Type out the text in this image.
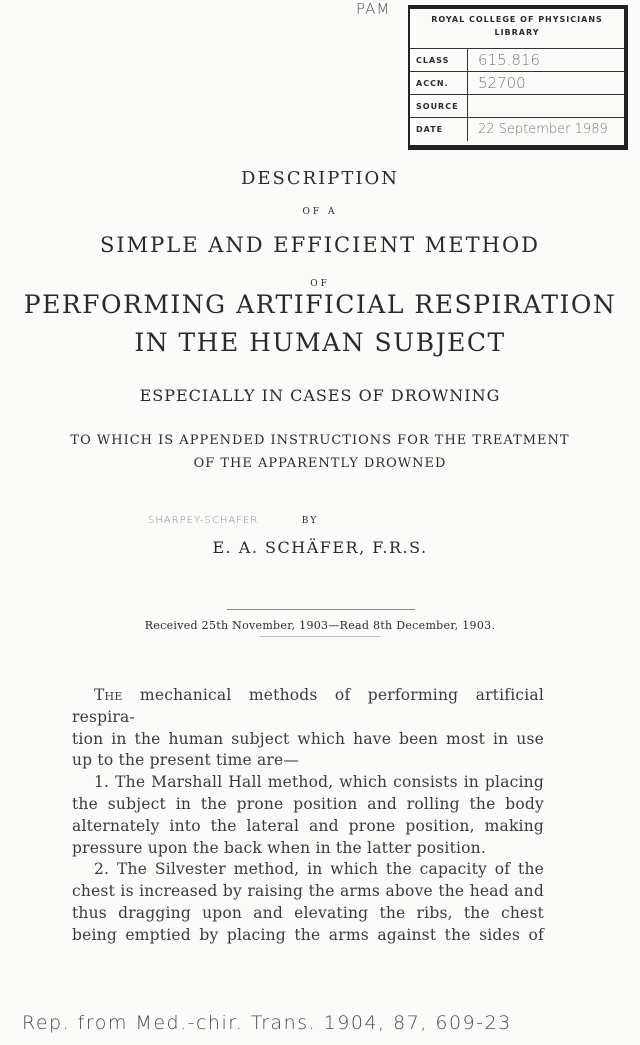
PAM
ROYAL COLLEGE OF PHYSICIANS
LIBRARY
CLASS	615.816
ACCN.	52700
SOURCE
DATE	22 September 1989
DESCRIPTION
OF A
SIMPLE AND EFFICIENT METHOD
OF
PERFORMING ARTIFICIAL RESPIRATION
IN THE HUMAN SUBJECT
ESPECIALLY IN CASES OF DROWNING
TO WHICH IS APPENDED INSTRUCTIONS FOR THE TREATMENT
OF THE APPARENTLY DROWNED
SHARPEY-SCHAFER	BY
E. A. SCHÄFER, F.R.S.
Received 25th November, 1903—Read 8th December, 1903.

The mechanical methods of performing artificial respira-

tion in the human subject which have been most in use

up to the present time are—

1. The Marshall Hall method, which consists in placing

the subject in the prone position and rolling the body

alternately into the lateral and prone position, making

pressure upon the back when in the latter position.

2. The Silvester method, in which the capacity of the

chest is increased by raising the arms above the head and

thus dragging upon and elevating the ribs, the chest

being emptied by placing the arms against the sides of

Rep. from Med.-chir. Trans. 1904, 87, 609-23
